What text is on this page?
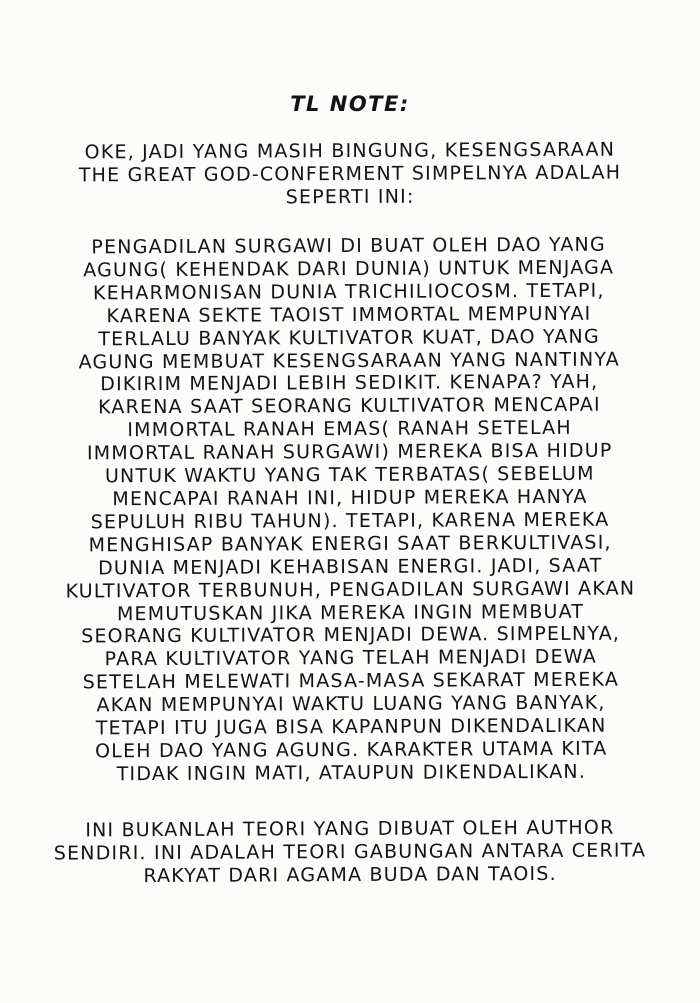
TL NOTE:
OKE, JADI YANG MASIH BINGUNG, KESENGSARAAN
THE GREAT GOD-CONFERMENT SIMPELNYA ADALAH
SEPERTI INI:
PENGADILAN SURGAWI DI BUAT OLEH DAO YANG
AGUNG( KEHENDAK DARI DUNIA) UNTUK MENJAGA
KEHARMONISAN DUNIA TRICHILIOCOSM. TETAPI,
KARENA SEKTE TAOIST IMMORTAL MEMPUNYAI
TERLALU BANYAK KULTIVATOR KUAT, DAO YANG
AGUNG MEMBUAT KESENGSARAAN YANG NANTINYA
DIKIRIM MENJADI LEBIH SEDIKIT. KENAPA? YAH,
KARENA SAAT SEORANG KULTIVATOR MENCAPAI
IMMORTAL RANAH EMAS( RANAH SETELAH
IMMORTAL RANAH SURGAWI) MEREKA BISA HIDUP
UNTUK WAKTU YANG TAK TERBATAS( SEBELUM
MENCAPAI RANAH INI, HIDUP MEREKA HANYA
SEPULUH RIBU TAHUN). TETAPI, KARENA MEREKA
MENGHISAP BANYAK ENERGI SAAT BERKULTIVASI,
DUNIA MENJADI KEHABISAN ENERGI. JADI, SAAT
KULTIVATOR TERBUNUH, PENGADILAN SURGAWI AKAN
MEMUTUSKAN JIKA MEREKA INGIN MEMBUAT
SEORANG KULTIVATOR MENJADI DEWA. SIMPELNYA,
PARA KULTIVATOR YANG TELAH MENJADI DEWA
SETELAH MELEWATI MASA-MASA SEKARAT MEREKA
AKAN MEMPUNYAI WAKTU LUANG YANG BANYAK,
TETAPI ITU JUGA BISA KAPANPUN DIKENDALIKAN
OLEH DAO YANG AGUNG. KARAKTER UTAMA KITA
TIDAK INGIN MATI, ATAUPUN DIKENDALIKAN.
INI BUKANLAH TEORI YANG DIBUAT OLEH AUTHOR
SENDIRI. INI ADALAH TEORI GABUNGAN ANTARA CERITA
RAKYAT DARI AGAMA BUDA DAN TAOIS.
